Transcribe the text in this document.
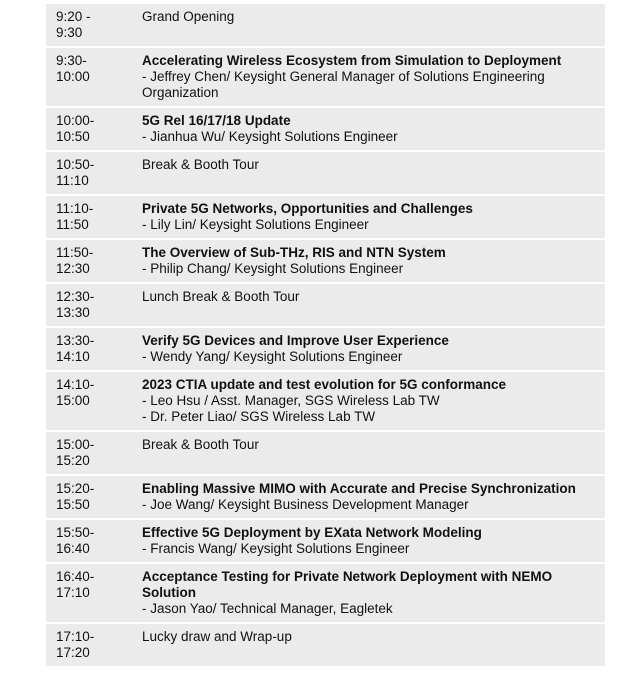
9:20 -
9:30
Grand Opening
9:30-
10:00
Accelerating Wireless Ecosystem from Simulation to Deployment
- Jeffrey Chen/ Keysight General Manager of Solutions Engineering Organization
10:00-
10:50
5G Rel 16/17/18 Update
- Jianhua Wu/ Keysight Solutions Engineer
10:50-
11:10
Break & Booth Tour
11:10-
11:50
Private 5G Networks, Opportunities and Challenges
- Lily Lin/ Keysight Solutions Engineer
11:50-
12:30
The Overview of Sub-THz, RIS and NTN System
- Philip Chang/ Keysight Solutions Engineer
12:30-
13:30
Lunch Break & Booth Tour
13:30-
14:10
Verify 5G Devices and Improve User Experience
- Wendy Yang/ Keysight Solutions Engineer
14:10-
15:00
2023 CTIA update and test evolution for 5G conformance
- Leo Hsu / Asst. Manager, SGS Wireless Lab TW
- Dr. Peter Liao/ SGS Wireless Lab TW
15:00-
15:20
Break & Booth Tour
15:20-
15:50
Enabling Massive MIMO with Accurate and Precise Synchronization
- Joe Wang/ Keysight Business Development Manager
15:50-
16:40
Effective 5G Deployment by EXata Network Modeling
- Francis Wang/ Keysight Solutions Engineer
16:40-
17:10
Acceptance Testing for Private Network Deployment with NEMO Solution
- Jason Yao/ Technical Manager, Eagletek
17:10-
17:20
Lucky draw and Wrap-up
